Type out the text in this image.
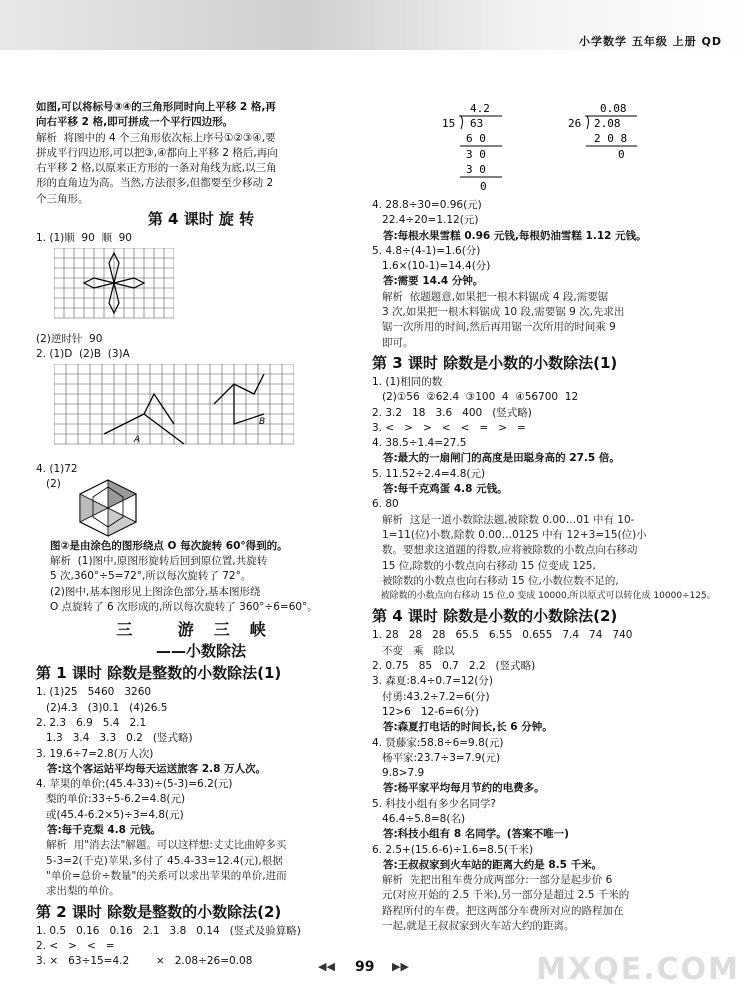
小学数学 五年级 上册 QD
如图,可以将标号③④的三角形同时向上平移 2 格,再
向右平移 2 格,即可拼成一个平行四边形。
解析  将图中的 4 个三角形依次标上序号①②③④,要
拼成平行四边形,可以把③,④都向上平移 2 格后,再向
右平移 2 格,以原来正方形的一条对角线为底,以三角
形的直角边为高。当然,方法很多,但都要至少移动 2
个三角形。
第 4 课时 旋 转
1. (1)顺  90  顺  90
(2)逆时针  90
2. (1)D  (2)B  (3)A
A
B
4. (1)72
(2)
图②是由涂色的图形绕点 O 每次旋转 60°得到的。
解析  (1)图中,原图形旋转后回到原位置,共旋转
5 次,360°÷5=72°,所以每次旋转了 72°。
(2)图中,基本图形见上图涂色部分,基本图形绕
O 点旋转了 6 次形成的,所以每次旋转了 360°÷6=60°。
三 游三峡
——小数除法
第 1 课时 除数是整数的小数除法(1)
1. (1)25   5460   3260
(2)4.3   (3)0.1   (4)26.5
2. 2.3   6.9   5.4   2.1
1.3   3.4   3.3   0.2   (竖式略)
3. 19.6÷7=2.8(万人次)
答:这个客运站平均每天运送旅客 2.8 万人次。
4. 苹果的单价:(45.4-33)÷(5-3)=6.2(元)
梨的单价:33÷5-6.2=4.8(元)
或(45.4-6.2×5)÷3=4.8(元)
答:每千克梨 4.8 元钱。
解析  用"消去法"解题。可以这样想:丈丈比曲婷多买
5-3=2(千克)苹果,多付了 45.4-33=12.4(元),根据
"单价=总价÷数量"的关系可以求出苹果的单价,进而
求出梨的单价。
第 2 课时 除数是整数的小数除法(2)
1. 0.5   0.16   0.16   2.1   3.8   0.14   (竖式及验算略)
2. <   >   <   =
3. ×   63÷15=4.2        ×   2.08÷26=0.08
4.2
15 63
6 0
3 0
3 0
0
0.08
26 2.08
2 0 8
0
4. 28.8÷30=0.96(元)
22.4÷20=1.12(元)
答:每根水果雪糕 0.96 元钱,每根奶油雪糕 1.12 元钱。
5. 4.8÷(4-1)=1.6(分)
1.6×(10-1)=14.4(分)
答:需要 14.4 分钟。
解析  依题题意,如果把一根木料锯成 4 段,需要锯
3 次,如果把一根木料锯成 10 段,需要锯 9 次,先求出
锯一次所用的时间,然后再用锯一次所用的时间乘 9
即可。
第 3 课时 除数是小数的小数除法(1)
1. (1)相同的数
(2)①56  ②62.4  ③100  4  ④56700  12
2. 3.2   18   3.6   400   (竖式略)
3. <   >   >   <   <   =   >   =
4. 38.5÷1.4=27.5
答:最大的一扇闸门的高度是田聪身高的 27.5 倍。
5. 11.52÷2.4=4.8(元)
答:每千克鸡蛋 4.8 元钱。
6. 80
解析  这是一道小数除法题,被除数 0.00…01 中有 10-
1=11(位)小数,除数 0.00…0125 中有 12+3=15(位)小
数。要想求这道题的得数,应将被除数的小数点向右移动
15 位,除数的小数点向右移动 15 位变成 125,
被除数的小数点也向右移动 15 位,小数位数不足的,
被除数的小数点向右移动 15 位,0 变成 10000,所以原式可以转化成 10000÷125。
第 4 课时 除数是小数的小数除法(2)
1. 28   28   28   65.5   6.55   0.655   7.4   74   740
不变   乘   除以
2. 0.75   85   0.7   2.2   (竖式略)
3. 森夏:8.4÷0.7=12(分)
付勇:43.2÷7.2=6(分)
12>6   12-6=6(分)
答:森夏打电话的时间长,长 6 分钟。
4. 贤藤家:58.8÷6=9.8(元)
杨平家:23.7÷3=7.9(元)
9.8>7.9
答:杨平家平均每月节约的电费多。
5. 科技小组有多少名同学?
46.4÷5.8=8(名)
答:科技小组有 8 名同学。(答案不唯一)
6. 2.5+(15.6-6)÷1.6=8.5(千米)
答:王叔叔家到火车站的距离大约是 8.5 千米。
解析  先把出租车费分成两部分:一部分是起步价 6
元(对应开始的 2.5 千米),另一部分是超过 2.5 千米的
路程所付的车费。把这两部分车费所对应的路程加在
一起,就是王叔叔家到火车站大约的距离。
◀◀ 99 ▶▶	MXQE.COM
